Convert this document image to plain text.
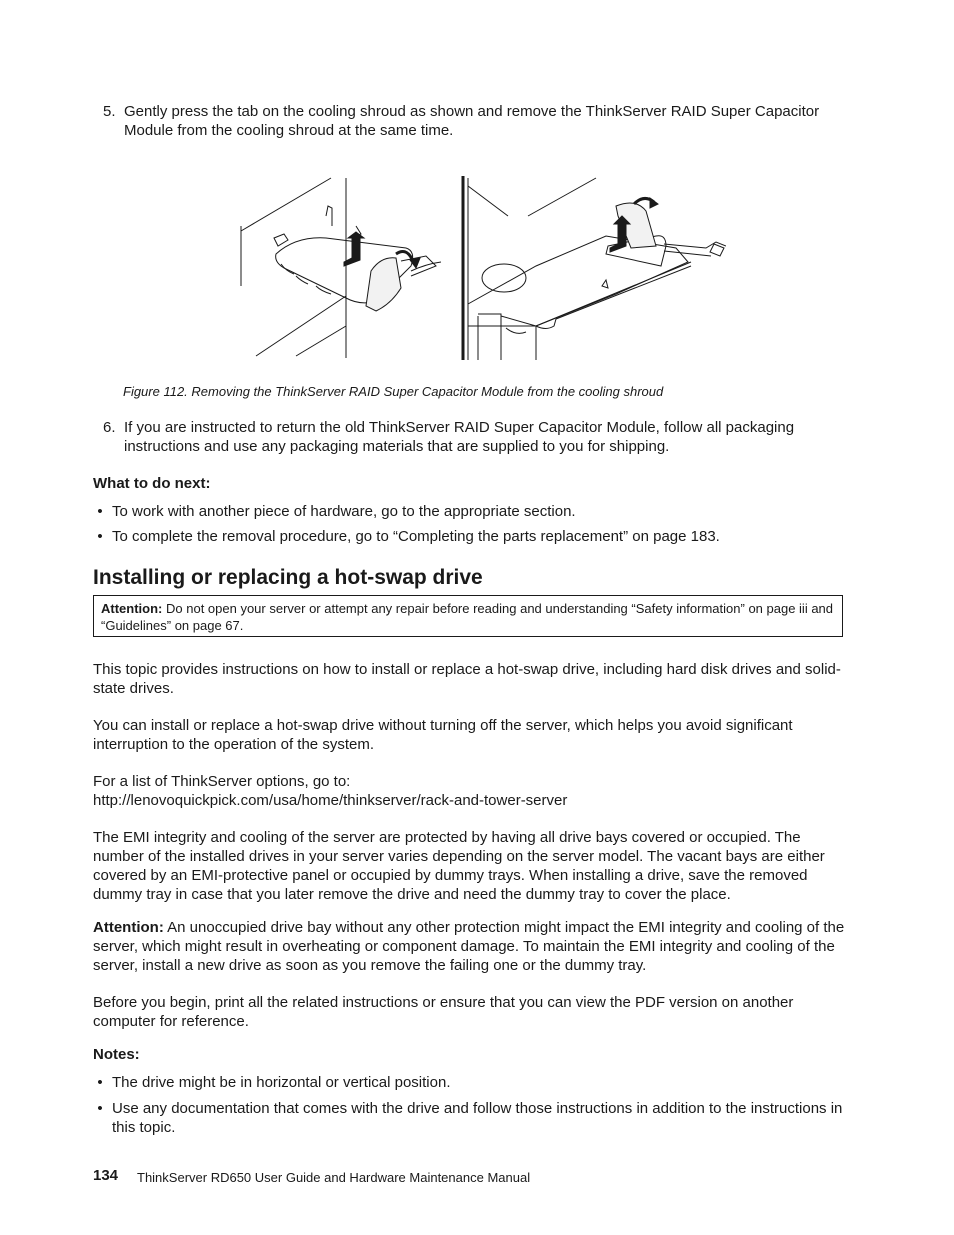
5. Gently press the tab on the cooling shroud as shown and remove the ThinkServer RAID Super Capacitor Module from the cooling shroud at the same time.
Figure 112. Removing the ThinkServer RAID Super Capacitor Module from the cooling shroud
6. If you are instructed to return the old ThinkServer RAID Super Capacitor Module, follow all packaging instructions and use any packaging materials that are supplied to you for shipping.
What to do next:
• To work with another piece of hardware, go to the appropriate section.
• To complete the removal procedure, go to “Completing the parts replacement” on page 183.
Installing or replacing a hot-swap drive
Attention: Do not open your server or attempt any repair before reading and understanding “Safety information” on page iii and “Guidelines” on page 67.
This topic provides instructions on how to install or replace a hot-swap drive, including hard disk drives and solid-state drives.
You can install or replace a hot-swap drive without turning off the server, which helps you avoid significant interruption to the operation of the system.
For a list of ThinkServer options, go to:
http://lenovoquickpick.com/usa/home/thinkserver/rack-and-tower-server
The EMI integrity and cooling of the server are protected by having all drive bays covered or occupied. The number of the installed drives in your server varies depending on the server model. The vacant bays are either covered by an EMI-protective panel or occupied by dummy trays. When installing a drive, save the removed dummy tray in case that you later remove the drive and need the dummy tray to cover the place.
Attention: An unoccupied drive bay without any other protection might impact the EMI integrity and cooling of the server, which might result in overheating or component damage. To maintain the EMI integrity and cooling of the server, install a new drive as soon as you remove the failing one or the dummy tray.
Before you begin, print all the related instructions or ensure that you can view the PDF version on another computer for reference.
Notes:
• The drive might be in horizontal or vertical position.
• Use any documentation that comes with the drive and follow those instructions in addition to the instructions in this topic.
134 ThinkServer RD650 User Guide and Hardware Maintenance Manual
